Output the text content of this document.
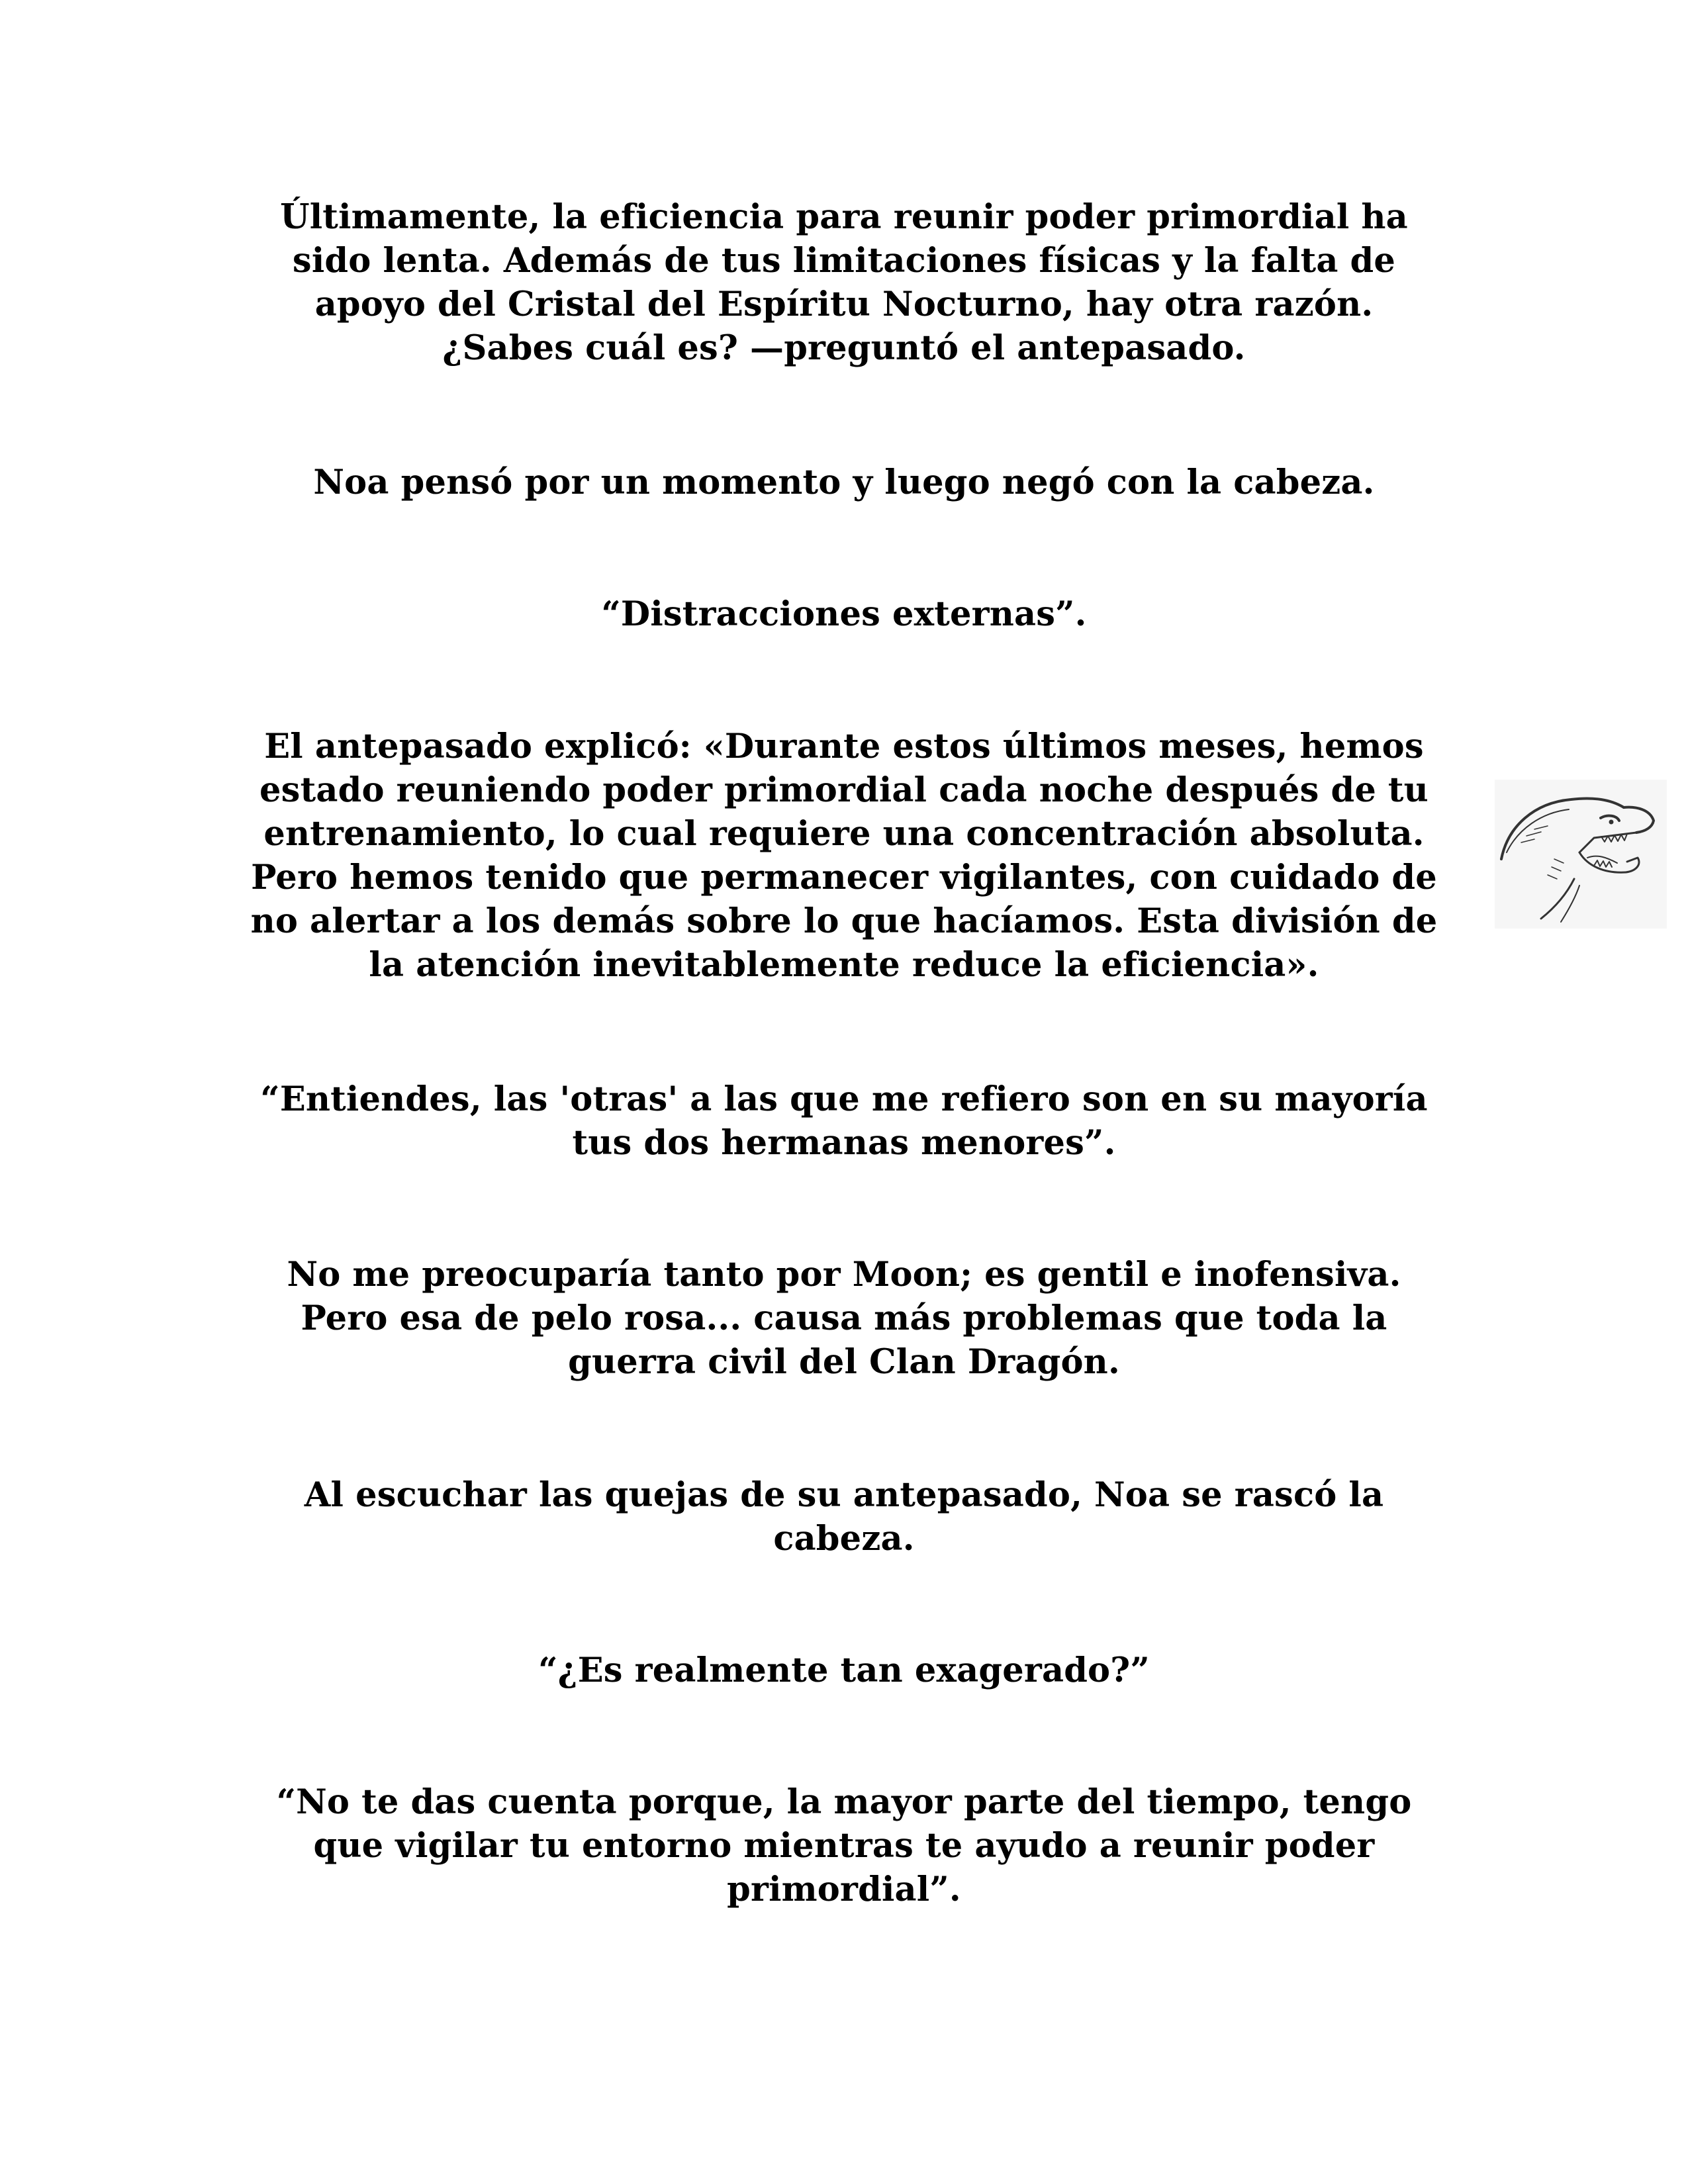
Últimamente, la eficiencia para reunir poder primordial ha
sido lenta. Además de tus limitaciones físicas y la falta de
apoyo del Cristal del Espíritu Nocturno, hay otra razón.
¿Sabes cuál es? —preguntó el antepasado.

Noa pensó por un momento y luego negó con la cabeza.

“Distracciones externas”.

El antepasado explicó: «Durante estos últimos meses, hemos
estado reuniendo poder primordial cada noche después de tu
entrenamiento, lo cual requiere una concentración absoluta.
Pero hemos tenido que permanecer vigilantes, con cuidado de
no alertar a los demás sobre lo que hacíamos. Esta división de
la atención inevitablemente reduce la eficiencia».

“Entiendes, las 'otras' a las que me refiero son en su mayoría
tus dos hermanas menores”.

No me preocuparía tanto por Moon; es gentil e inofensiva.
Pero esa de pelo rosa... causa más problemas que toda la
guerra civil del Clan Dragón.

Al escuchar las quejas de su antepasado, Noa se rascó la
cabeza.

“¿Es realmente tan exagerado?”

“No te das cuenta porque, la mayor parte del tiempo, tengo
que vigilar tu entorno mientras te ayudo a reunir poder
primordial”.
